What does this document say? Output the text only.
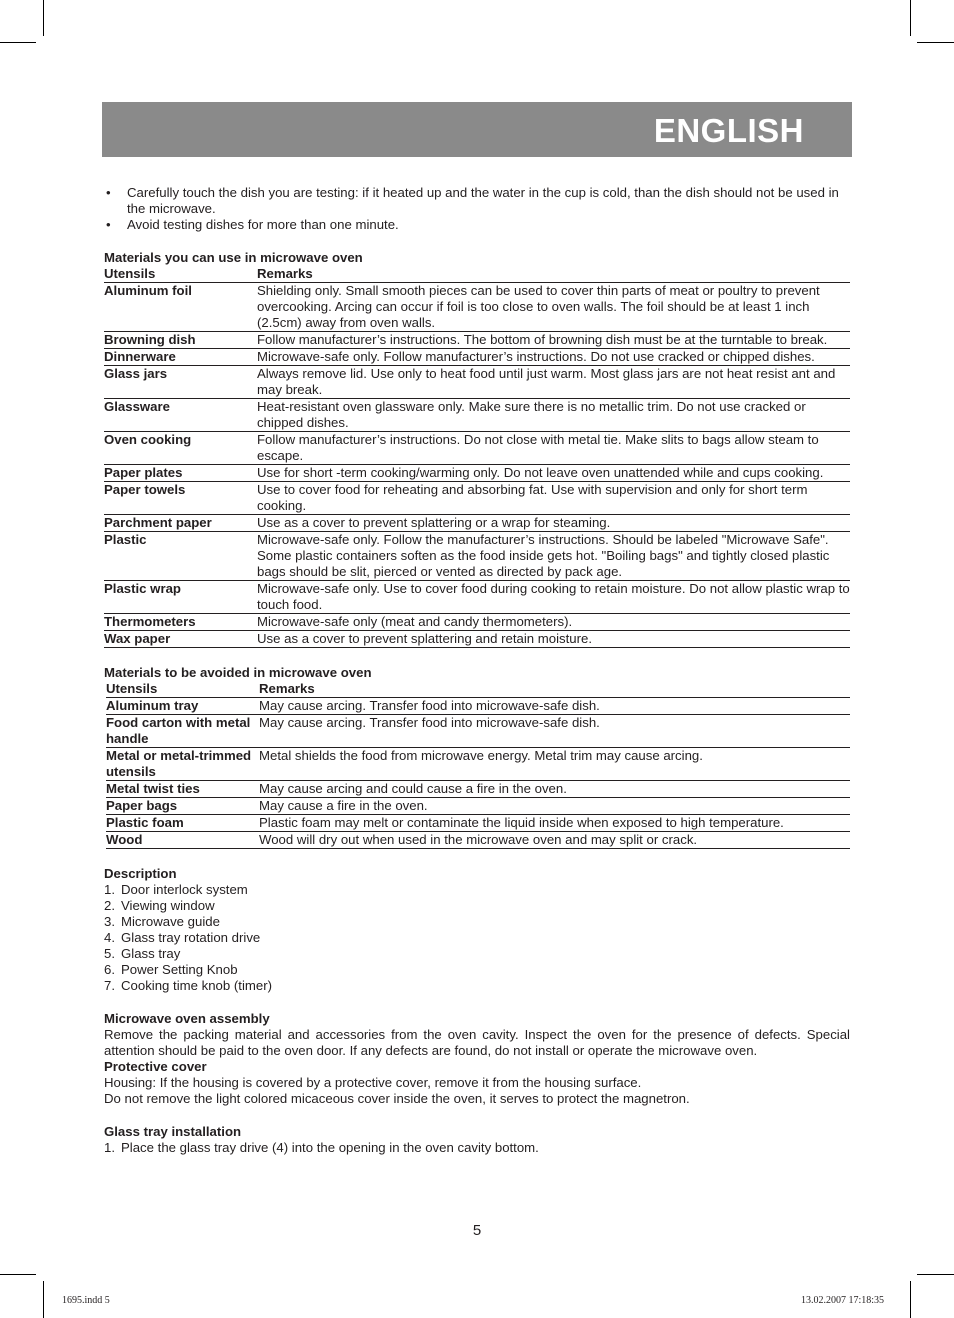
ENGLISH
• Carefully touch the dish you are testing: if it heated up and the water in the cup is cold, than the dish should not be used in the microwave.
• Avoid testing dishes for more than one minute.
Materials you can use in microwave oven
Utensils	Remarks
Aluminum foil	Shielding only. Small smooth pieces can be used to cover thin parts of meat or poultry to prevent overcooking. Arcing can occur if foil is too close to oven walls. The foil should be at least 1 inch (2.5cm) away from oven walls.
Browning dish	Follow manufacturer’s instructions. The bottom of browning dish must be at the turntable to break.
Dinnerware	Microwave-safe only. Follow manufacturer’s instructions. Do not use cracked or chipped dishes.
Glass jars	Always remove lid. Use only to heat food until just warm. Most glass jars are not heat resist ant and may break.
Glassware	Heat-resistant oven glassware only. Make sure there is no metallic trim. Do not use cracked or chipped dishes.
Oven cooking	Follow manufacturer’s instructions. Do not close with metal tie. Make slits to bags allow steam to escape.
Paper plates	Use for short -term cooking/warming only. Do not leave oven unattended while and cups cooking.
Paper towels	Use to cover food for reheating and absorbing fat. Use with supervision and only for short term cooking.
Parchment paper	Use as a cover to prevent splattering or a wrap for steaming.
Plastic	Microwave-safe only. Follow the manufacturer’s instructions. Should be labeled "Microwave Safe". Some plastic containers soften as the food inside gets hot. "Boiling bags" and tightly closed plastic bags should be slit, pierced or vented as directed by pack age.
Plastic wrap	Microwave-safe only. Use to cover food during cooking to retain moisture. Do not allow plastic wrap to touch food.
Thermometers	Microwave-safe only (meat and candy thermometers).
Wax paper	Use as a cover to prevent splattering and retain moisture.
Materials to be avoided in microwave oven
Utensils	Remarks
Aluminum tray	May cause arcing. Transfer food into microwave-safe dish.
Food carton with metal handle	May cause arcing. Transfer food into microwave-safe dish.
Metal or metal-trimmed utensils	Metal shields the food from microwave energy. Metal trim may cause arcing.
Metal twist ties	May cause arcing and could cause a fire in the oven.
Paper bags	May cause a fire in the oven.
Plastic foam	Plastic foam may melt or contaminate the liquid inside when exposed to high temperature.
Wood	Wood will dry out when used in the microwave oven and may split or crack.
Description
1. Door interlock system
2. Viewing window
3. Microwave guide
4. Glass tray rotation drive
5. Glass tray
6. Power Setting Knob
7. Cooking time knob (timer)
Microwave oven assembly
Remove the packing material and accessories from the oven cavity. Inspect the oven for the presence of defects. Special attention should be paid to the oven door. If any defects are found, do not install or operate the microwave oven.
Protective cover
Housing: If the housing is covered by a protective cover, remove it from the housing surface.
Do not remove the light colored micaceous cover inside the oven, it serves to protect the magnetron.
Glass tray installation
1. Place the glass tray drive (4) into the opening in the oven cavity bottom.
5
1695.indd 5	13.02.2007 17:18:35
